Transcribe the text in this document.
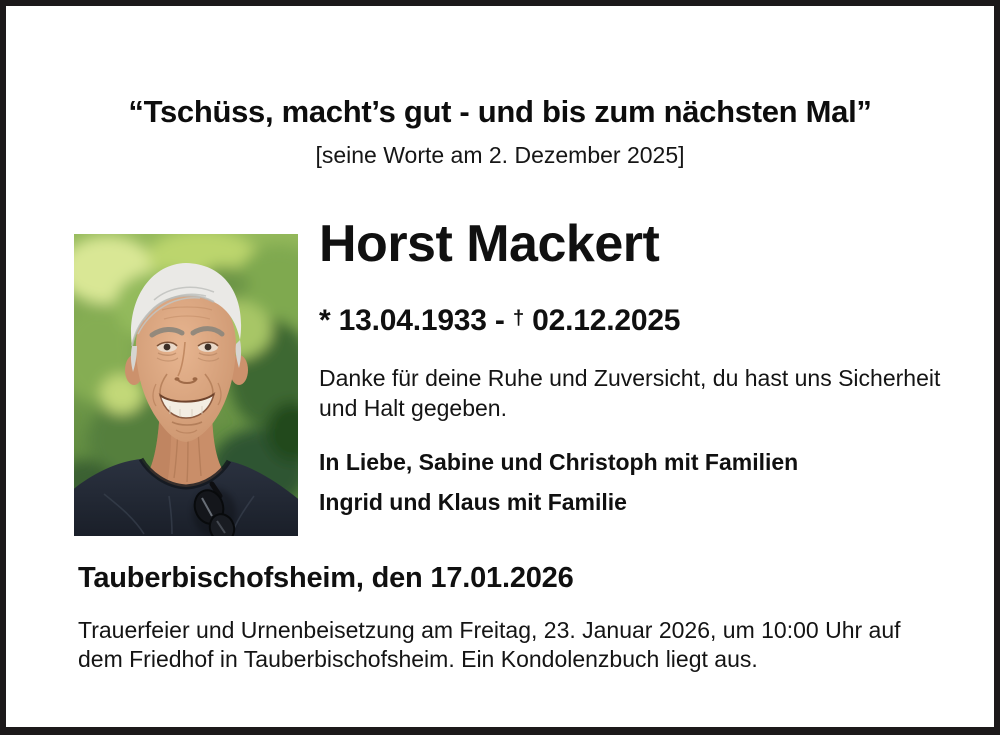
“Tschüss, macht’s gut - und bis zum nächsten Mal”

[seine Worte am 2. Dezember 2025]

Horst Mackert

* 13.04.1933 - † 02.12.2025

Danke für deine Ruhe und Zuversicht, du hast uns Sicherheit und Halt gegeben.

In Liebe, Sabine und Christoph mit Familien

Ingrid und Klaus mit Familie

Tauberbischofsheim, den 17.01.2026

Trauerfeier und Urnenbeisetzung am Freitag, 23. Januar 2026, um 10:00 Uhr auf dem Friedhof in Tauberbischofsheim. Ein Kondolenzbuch liegt aus.
